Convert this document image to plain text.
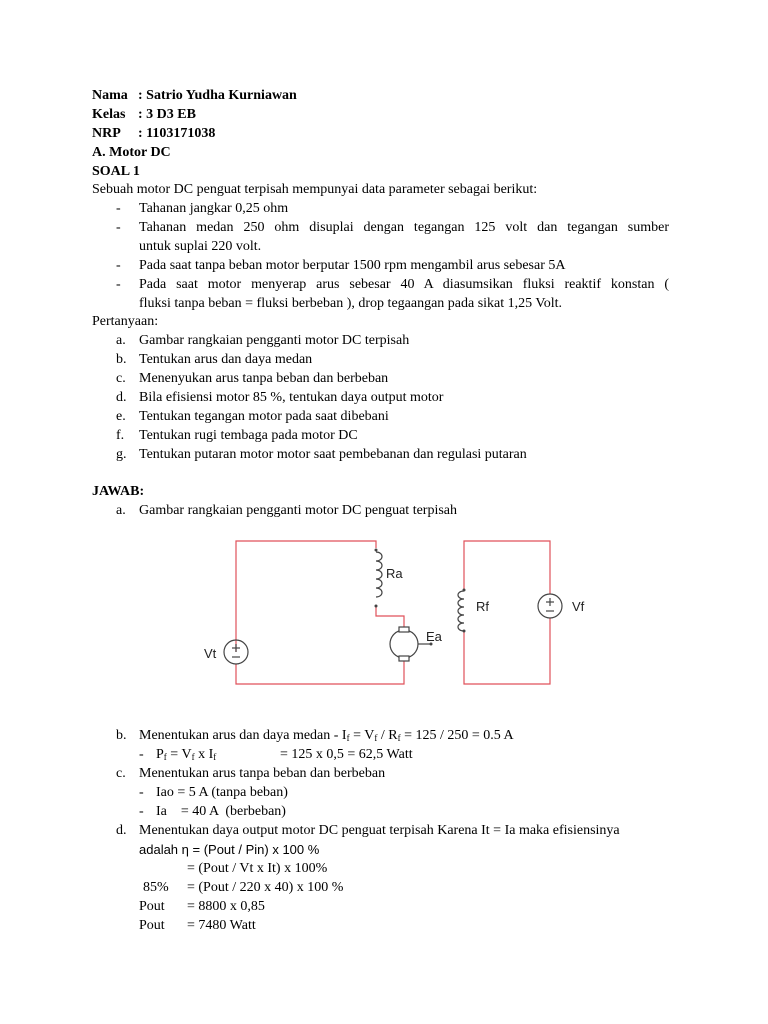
Nama : Satrio Yudha Kurniawan
Kelas : 3 D3 EB
NRP : 1103171038
A. Motor DC
SOAL 1
Sebuah motor DC penguat terpisah mempunyai data parameter sebagai berikut:
- Tahanan jangkar 0,25 ohm
- Tahanan medan 250 ohm disuplai dengan tegangan 125 volt dan tegangan sumber
untuk suplai 220 volt.
- Pada saat tanpa beban motor berputar 1500 rpm mengambil arus sebesar 5A
- Pada saat motor menyerap arus sebesar 40 A diasumsikan fluksi reaktif konstan (
fluksi tanpa beban = fluksi berbeban ), drop tegaangan pada sikat 1,25 Volt.
Pertanyaan:
a. Gambar rangkaian pengganti motor DC terpisah
b. Tentukan arus dan daya medan
c. Menenyukan arus tanpa beban dan berbeban
d. Bila efisiensi motor 85 %, tentukan daya output motor
e. Tentukan tegangan motor pada saat dibebani
f. Tentukan rugi tembaga pada motor DC
g. Tentukan putaran motor motor saat pembebanan dan regulasi putaran
JAWAB:
a. Gambar rangkaian pengganti motor DC penguat terpisah
Ra
Ea
Vt
Rf	Vf
b. Menentukan arus dan daya medan - $I_f = V_f / R_f = 125 / 250 = 0.5$ A
- $P_f = V_f$ x $I_f$	= 125 x 0,5 = 62,5 Watt
c. Menentukan arus tanpa beban dan berbeban
- Iao = 5 A (tanpa beban)
- Ia    = 40 A  (berbeban)
d. Menentukan daya output motor DC penguat terpisah Karena It = Ia maka efisiensinya
adalah η = (Pout / Pin) x 100 %
= (Pout / Vt x It) x 100%
85% = (Pout / 220 x 40) x 100 %
Pout = 8800 x 0,85
Pout = 7480 Watt
